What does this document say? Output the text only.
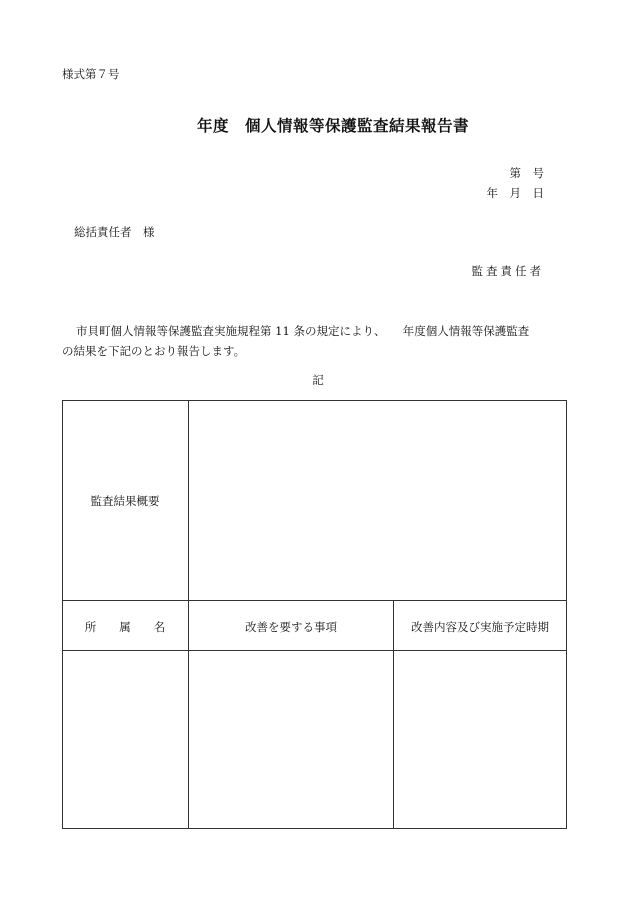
様式第７号
年度　個人情報等保護監査結果報告書
第　号
年　月　日
総括責任者　様
監査責任者
市貝町個人情報等保護監査実施規程第 11 条の規定により、　　年度個人情報等保護監査
の結果を下記のとおり報告します。
記
監査結果概要
所　　属　　名	改善を要する事項	改善内容及び実施予定時期
